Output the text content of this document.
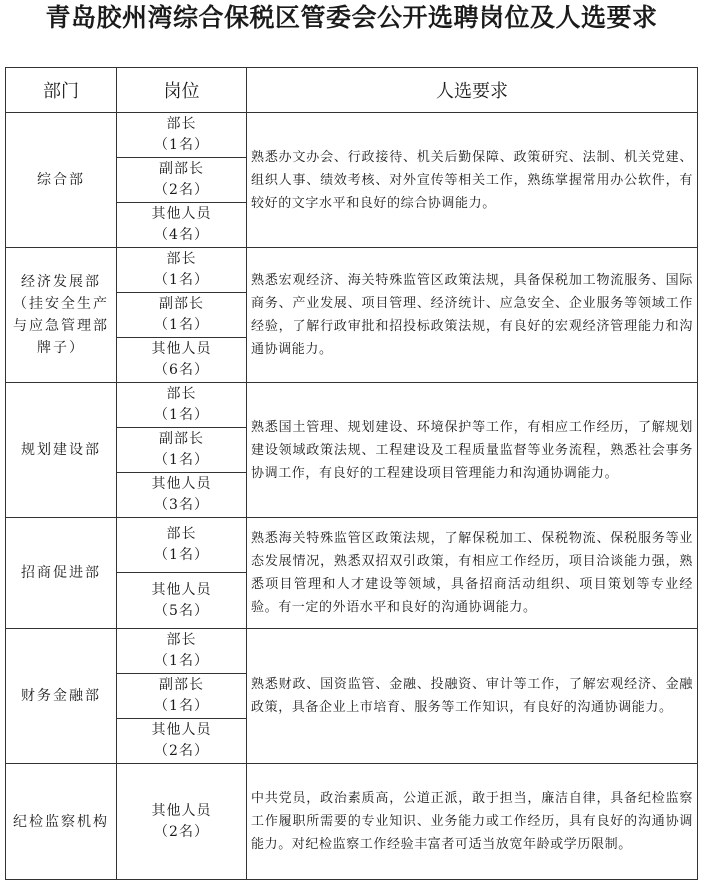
青岛胶州湾综合保税区管委会公开选聘岗位及人选要求
部门	岗位	人选要求
综合部	部长
（1名）	熟悉办文办会、行政接待、机关后勤保障、政策研究、法制、机关党建、组织人事、绩效考核、对外宣传等相关工作，熟练掌握常用办公软件，有较好的文字水平和良好的综合协调能力。

	副部长
（2名）	

	其他人员
（4名）	

经济发展部（挂安全生产与应急管理部牌子）	部长
（1名）	熟悉宏观经济、海关特殊监管区政策法规，具备保税加工物流服务、国际商务、产业发展、项目管理、经济统计、应急安全、企业服务等领域工作经验，了解行政审批和招投标政策法规，有良好的宏观经济管理能力和沟通协调能力。

	副部长
（1名）	

	其他人员
（6名）	

规划建设部	部长
（1名）	熟悉国土管理、规划建设、环境保护等工作，有相应工作经历，了解规划建设领域政策法规、工程建设及工程质量监督等业务流程，熟悉社会事务协调工作，有良好的工程建设项目管理能力和沟通协调能力。

	副部长
（1名）	

	其他人员
（3名）	

招商促进部	部长
（1名）	熟悉海关特殊监管区政策法规，了解保税加工、保税物流、保税服务等业态发展情况，熟悉双招双引政策，有相应工作经历，项目洽谈能力强，熟悉项目管理和人才建设等领域，具备招商活动组织、项目策划等专业经验。有一定的外语水平和良好的沟通协调能力。

	其他人员
（5名）	

财务金融部	部长
（1名）	熟悉财政、国资监管、金融、投融资、审计等工作，了解宏观经济、金融政策，具备企业上市培育、服务等工作知识，有良好的沟通协调能力。

	副部长
（1名）	

	其他人员
（2名）	

纪检监察机构	其他人员
（2名）	中共党员，政治素质高，公道正派，敢于担当，廉洁自律，具备纪检监察工作履职所需要的专业知识、业务能力或工作经历，具有良好的沟通协调能力。对纪检监察工作经验丰富者可适当放宽年龄或学历限制。
